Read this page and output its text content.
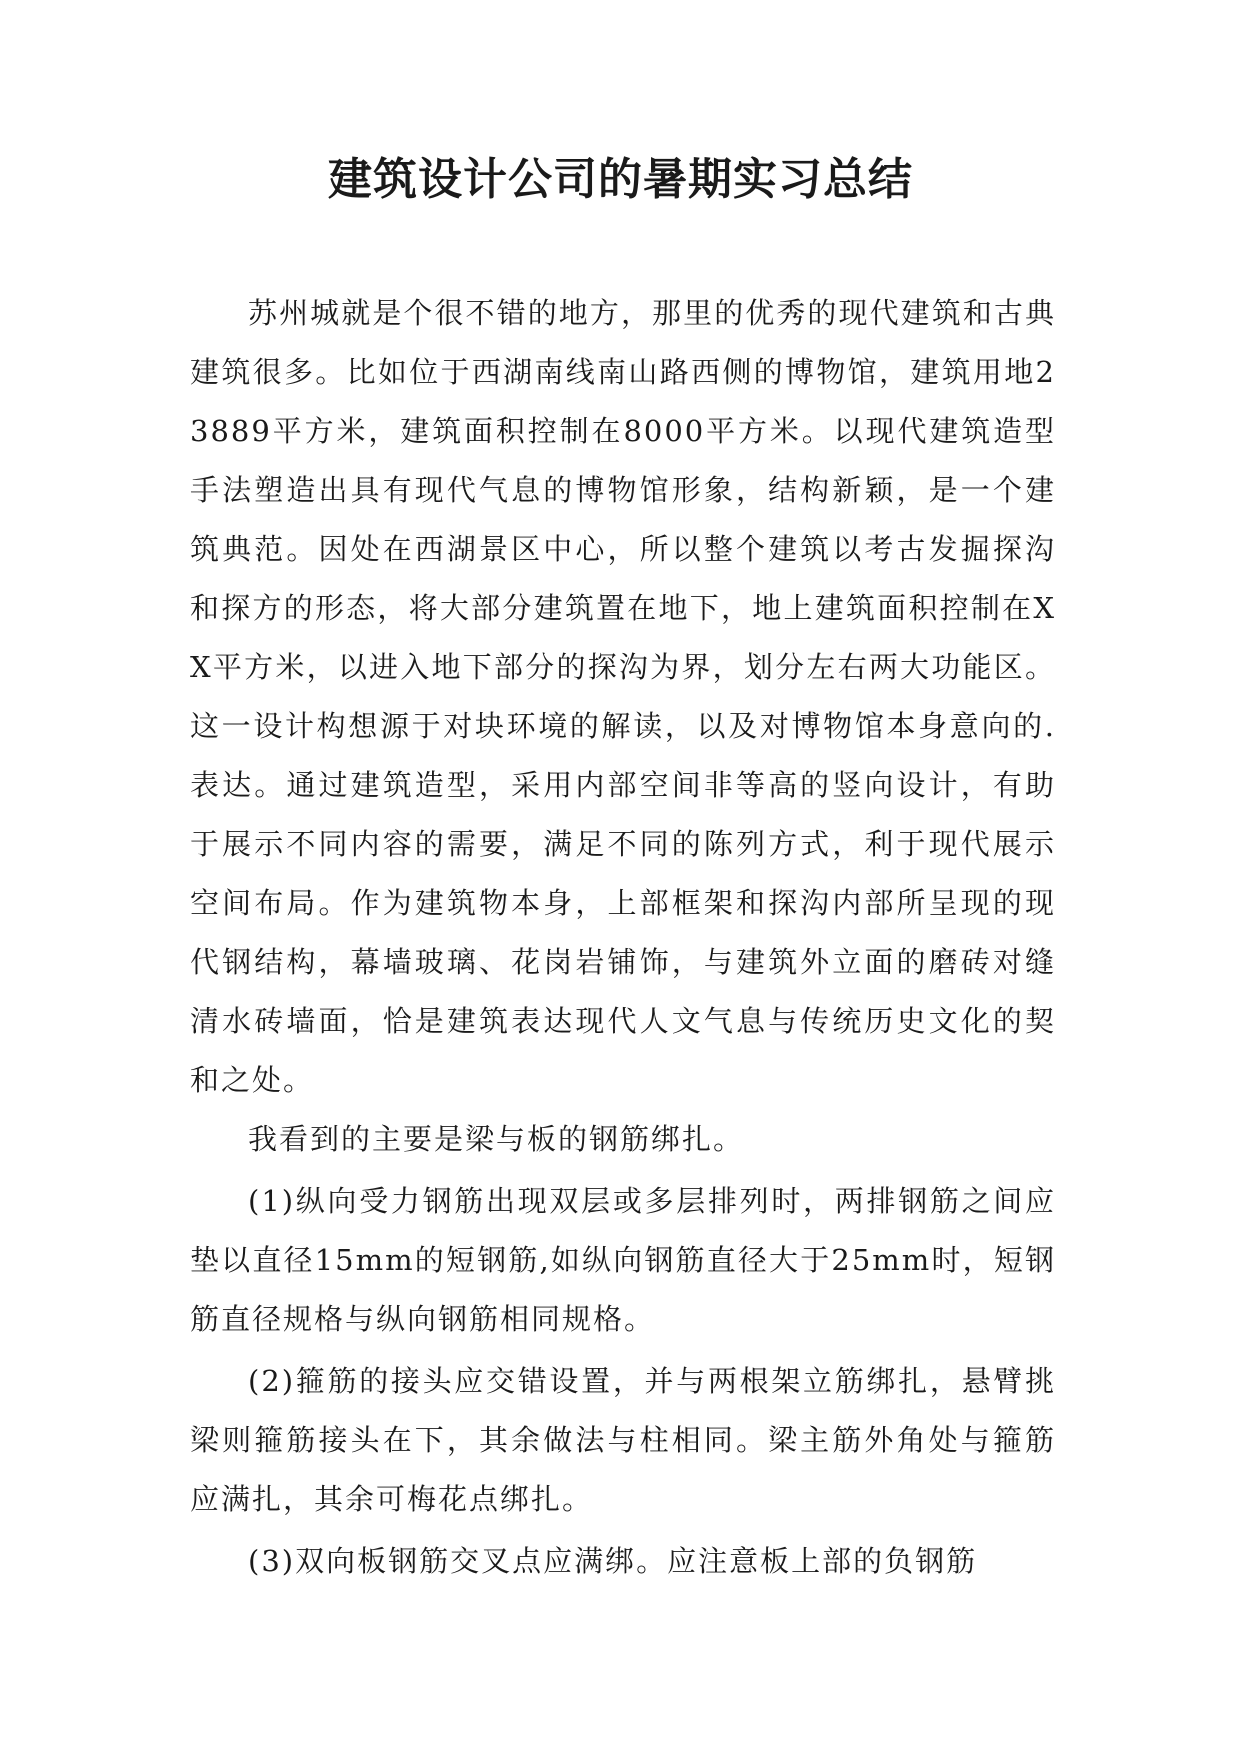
建筑设计公司的暑期实习总结

苏州城就是个很不错的地方，那里的优秀的现代建筑和古典建筑很多。比如位于西湖南线南山路西侧的博物馆，建筑用地23889平方米，建筑面积控制在8000平方米。以现代建筑造型手法塑造出具有现代气息的博物馆形象，结构新颖，是一个建筑典范。因处在西湖景区中心，所以整个建筑以考古发掘探沟和探方的形态，将大部分建筑置在地下，地上建筑面积控制在XX平方米，以进入地下部分的探沟为界，划分左右两大功能区。这一设计构想源于对块环境的解读，以及对博物馆本身意向的.表达。通过建筑造型，采用内部空间非等高的竖向设计，有助于展示不同内容的需要，满足不同的陈列方式，利于现代展示空间布局。作为建筑物本身，上部框架和探沟内部所呈现的现代钢结构，幕墙玻璃、花岗岩铺饰，与建筑外立面的磨砖对缝清水砖墙面，恰是建筑表达现代人文气息与传统历史文化的契和之处。

我看到的主要是梁与板的钢筋绑扎。

(1)纵向受力钢筋出现双层或多层排列时，两排钢筋之间应垫以直径15mm的短钢筋,如纵向钢筋直径大于25mm时，短钢筋直径规格与纵向钢筋相同规格。

(2)箍筋的接头应交错设置，并与两根架立筋绑扎，悬臂挑梁则箍筋接头在下，其余做法与柱相同。梁主筋外角处与箍筋应满扎，其余可梅花点绑扎。

(3)双向板钢筋交叉点应满绑。应注意板上部的负钢筋
